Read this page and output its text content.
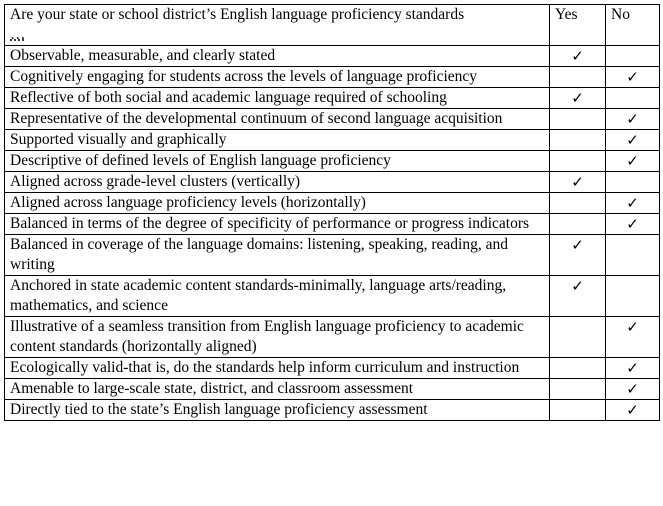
Are your state or school district’s English language proficiency standards
…	Yes	No
Observable, measurable, and clearly stated	✓	
Cognitively engaging for students across the levels of language proficiency		✓
Reflective of both social and academic language required of schooling	✓	
Representative of the developmental continuum of second language acquisition		✓
Supported visually and graphically		✓
Descriptive of defined levels of English language proficiency		✓
Aligned across grade-level clusters (vertically)	✓	
Aligned across language proficiency levels (horizontally)		✓
Balanced in terms of the degree of specificity of performance or progress indicators		✓
Balanced in coverage of the language domains: listening, speaking, reading, and writing	✓	
Anchored in state academic content standards-minimally, language arts/reading, mathematics, and science	✓	
Illustrative of a seamless transition from English language proficiency to academic content standards (horizontally aligned)		✓
Ecologically valid-that is, do the standards help inform curriculum and instruction		✓
Amenable to large-scale state, district, and classroom assessment		✓
Directly tied to the state’s English language proficiency assessment		✓
